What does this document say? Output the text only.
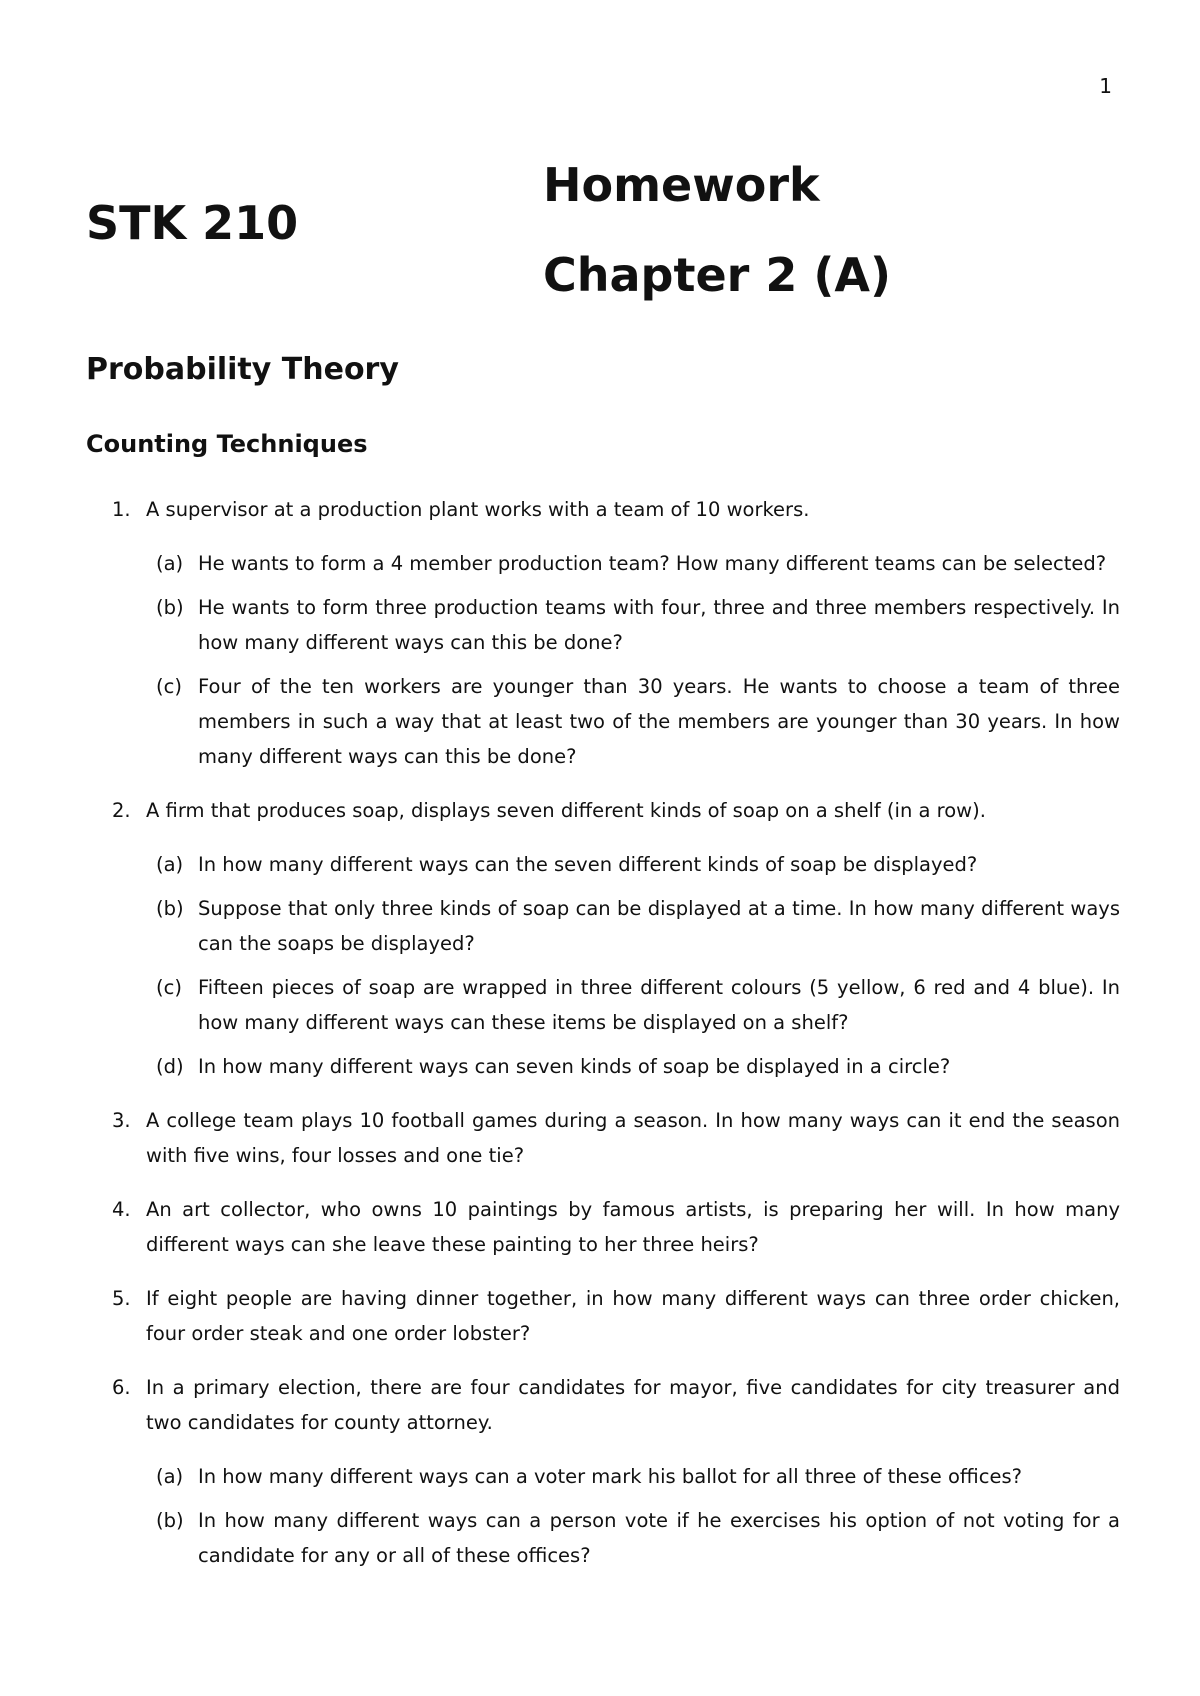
1
STK 210
Homework
Chapter 2 (A)
Probability Theory
Counting Techniques
1. A supervisor at a production plant works with a team of 10 workers.
(a) He wants to form a 4 member production team? How many different teams can be selected?
(b) He wants to form three production teams with four, three and three members respectively. In how many different ways can this be done?
(c) Four of the ten workers are younger than 30 years. He wants to choose a team of three members in such a way that at least two of the members are younger than 30 years. In how many different ways can this be done?
2. A firm that produces soap, displays seven different kinds of soap on a shelf (in a row).
(a) In how many different ways can the seven different kinds of soap be displayed?
(b) Suppose that only three kinds of soap can be displayed at a time. In how many different ways can the soaps be displayed?
(c) Fifteen pieces of soap are wrapped in three different colours (5 yellow, 6 red and 4 blue). In how many different ways can these items be displayed on a shelf?
(d) In how many different ways can seven kinds of soap be displayed in a circle?
3. A college team plays 10 football games during a season. In how many ways can it end the season with five wins, four losses and one tie?
4. An art collector, who owns 10 paintings by famous artists, is preparing her will. In how many different ways can she leave these painting to her three heirs?
5. If eight people are having dinner together, in how many different ways can three order chicken, four order steak and one order lobster?
6. In a primary election, there are four candidates for mayor, five candidates for city treasurer and two candidates for county attorney.
(a) In how many different ways can a voter mark his ballot for all three of these offices?
(b) In how many different ways can a person vote if he exercises his option of not voting for a candidate for any or all of these offices?
